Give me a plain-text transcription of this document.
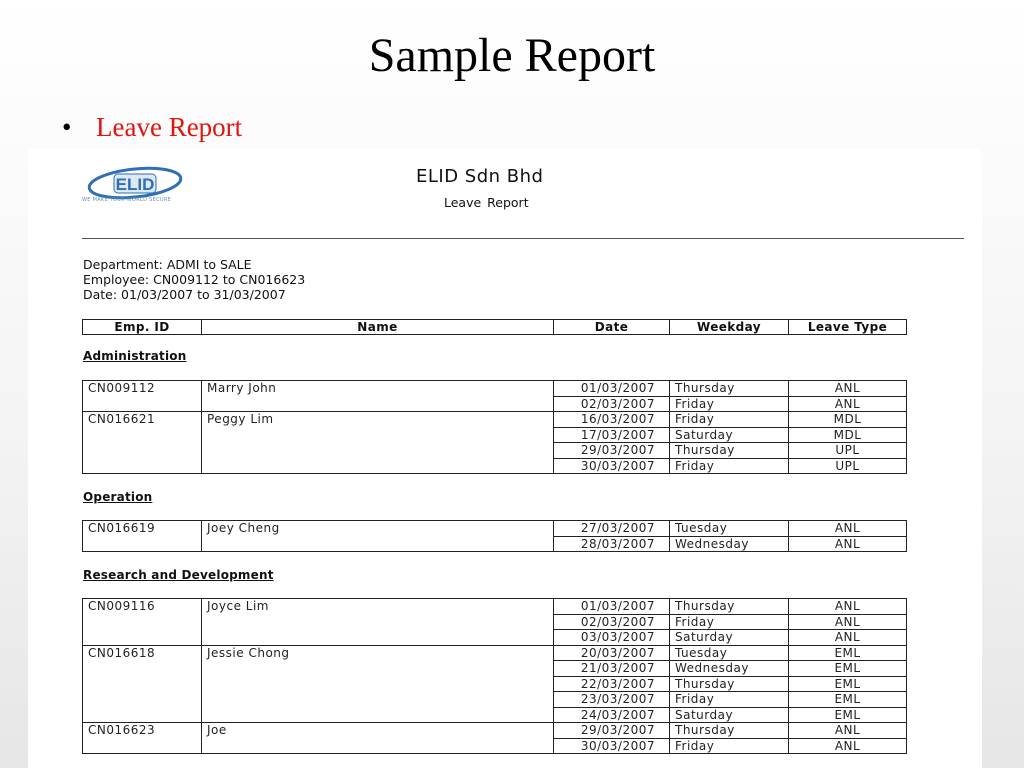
Sample Report
• Leave Report
ELID
WE MAKE YOUR WORLD SECURE
ELID Sdn Bhd
Leave Report
Department: ADMI to SALE
Employee: CN009112 to CN016623
Date: 01/03/2007 to 31/03/2007
Emp. ID	Name	Date	Weekday	Leave Type
Administration
CN009112	Marry John	01/03/2007	Thursday	ANL
		02/03/2007	Friday	ANL
CN016621	Peggy Lim	16/03/2007	Friday	MDL
		17/03/2007	Saturday	MDL
		29/03/2007	Thursday	UPL
		30/03/2007	Friday	UPL
Operation
CN016619	Joey Cheng	27/03/2007	Tuesday	ANL
		28/03/2007	Wednesday	ANL
Research and Development
CN009116	Joyce Lim	01/03/2007	Thursday	ANL
		02/03/2007	Friday	ANL
		03/03/2007	Saturday	ANL
CN016618	Jessie Chong	20/03/2007	Tuesday	EML
		21/03/2007	Wednesday	EML
		22/03/2007	Thursday	EML
		23/03/2007	Friday	EML
		24/03/2007	Saturday	EML
CN016623	Joe	29/03/2007	Thursday	ANL
		30/03/2007	Friday	ANL
